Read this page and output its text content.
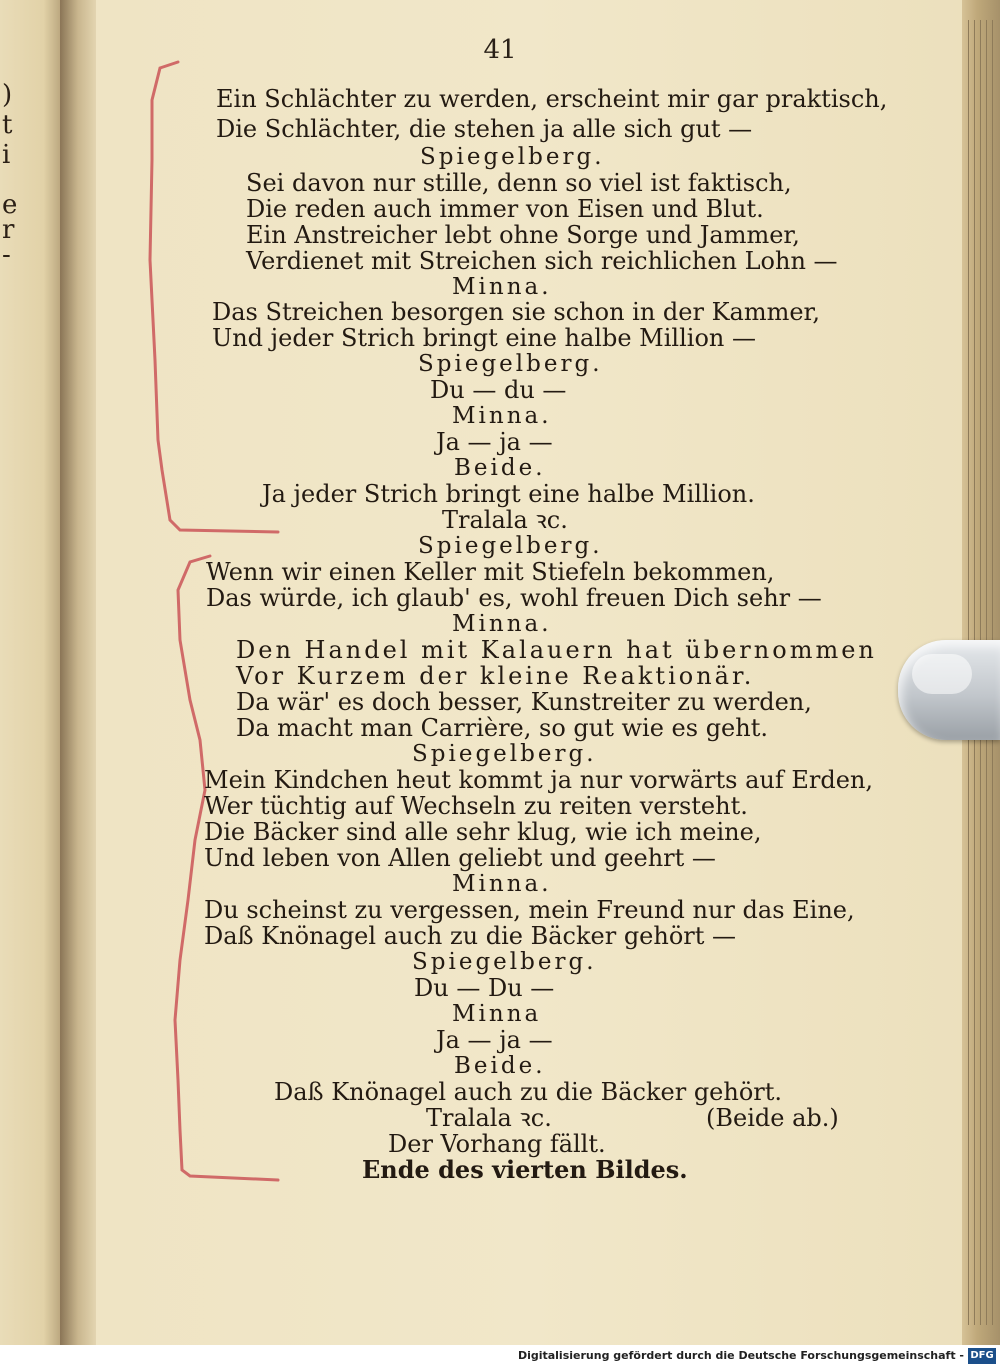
)
t
i
e
r
-
41
Ein Schlächter zu werden, erscheint mir gar praktisch,
Die Schlächter, die stehen ja alle sich gut —
Spiegelberg.
Sei davon nur stille, denn so viel ist faktisch,
Die reden auch immer von Eisen und Blut.
Ein Anstreicher lebt ohne Sorge und Jammer,
Verdienet mit Streichen sich reichlichen Lohn —
Minna.
Das Streichen besorgen sie schon in der Kammer,
Und jeder Strich bringt eine halbe Million —
Spiegelberg.
Du — du —
Minna.
Ja — ja —
Beide.
Ja jeder Strich bringt eine halbe Million.
Tralala ꝛc.
Spiegelberg.
Wenn wir einen Keller mit Stiefeln bekommen,
Das würde, ich glaub' es, wohl freuen Dich sehr —
Minna.
Den Handel mit Kalauern hat übernommen
Vor Kurzem der kleine Reaktionär.
Da wär' es doch besser, Kunstreiter zu werden,
Da macht man Carrière, so gut wie es geht.
Spiegelberg.
Mein Kindchen heut kommt ja nur vorwärts auf Erden,
Wer tüchtig auf Wechseln zu reiten versteht.
Die Bäcker sind alle sehr klug, wie ich meine,
Und leben von Allen geliebt und geehrt —
Minna.
Du scheinst zu vergessen, mein Freund nur das Eine,
Daß Knönagel auch zu die Bäcker gehört —
Spiegelberg.
Du — Du —
Minna
Ja — ja —
Beide.
Daß Knönagel auch zu die Bäcker gehört.
Tralala ꝛc.	(Beide ab.)
Der Vorhang fällt.
Ende des vierten Bildes.
Digitalisierung gefördert durch die Deutsche Forschungsgemeinschaft - DFG
